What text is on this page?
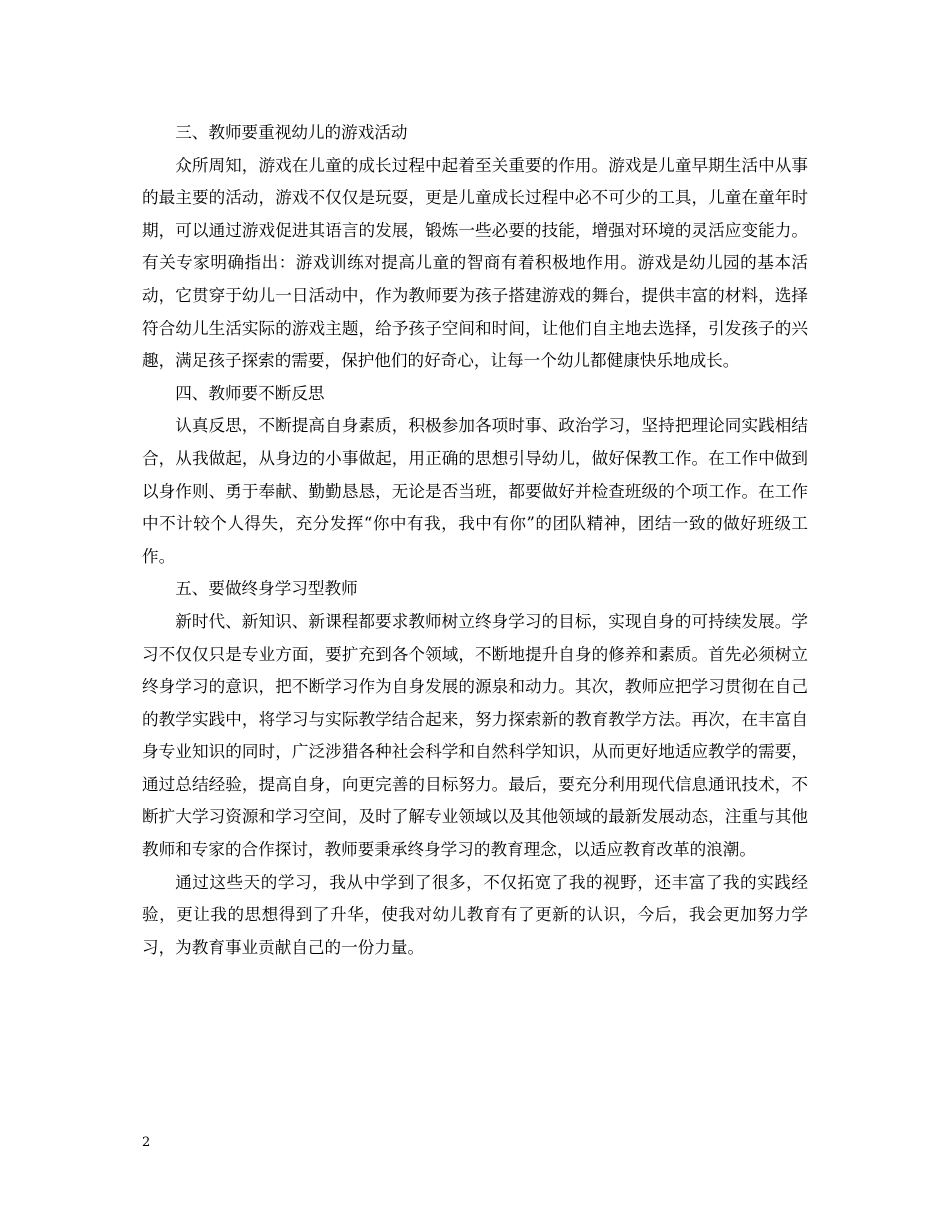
三、教师要重视幼儿的游戏活动

众所周知，游戏在儿童的成长过程中起着至关重要的作用。游戏是儿童早期生活中从事的最主要的活动，游戏不仅仅是玩耍，更是儿童成长过程中必不可少的工具，儿童在童年时期，可以通过游戏促进其语言的发展，锻炼一些必要的技能，增强对环境的灵活应变能力。有关专家明确指出：游戏训练对提高儿童的智商有着积极地作用。游戏是幼儿园的基本活动，它贯穿于幼儿一日活动中，作为教师要为孩子搭建游戏的舞台，提供丰富的材料，选择符合幼儿生活实际的游戏主题，给予孩子空间和时间，让他们自主地去选择，引发孩子的兴趣，满足孩子探索的需要，保护他们的好奇心，让每一个幼儿都健康快乐地成长。

四、教师要不断反思

认真反思，不断提高自身素质，积极参加各项时事、政治学习，坚持把理论同实践相结合，从我做起，从身边的小事做起，用正确的思想引导幼儿，做好保教工作。在工作中做到以身作则、勇于奉献、勤勤恳恳，无论是否当班，都要做好并检查班级的个项工作。在工作中不计较个人得失，充分发挥“你中有我，我中有你”的团队精神，团结一致的做好班级工作。

五、要做终身学习型教师

新时代、新知识、新课程都要求教师树立终身学习的目标，实现自身的可持续发展。学习不仅仅只是专业方面，要扩充到各个领域，不断地提升自身的修养和素质。首先必须树立终身学习的意识，把不断学习作为自身发展的源泉和动力。其次，教师应把学习贯彻在自己的教学实践中，将学习与实际教学结合起来，努力探索新的教育教学方法。再次，在丰富自身专业知识的同时，广泛涉猎各种社会科学和自然科学知识，从而更好地适应教学的需要，通过总结经验，提高自身，向更完善的目标努力。最后，要充分利用现代信息通讯技术，不断扩大学习资源和学习空间，及时了解专业领域以及其他领域的最新发展动态，注重与其他教师和专家的合作探讨，教师要秉承终身学习的教育理念，以适应教育改革的浪潮。

通过这些天的学习，我从中学到了很多，不仅拓宽了我的视野，还丰富了我的实践经验，更让我的思想得到了升华，使我对幼儿教育有了更新的认识，今后，我会更加努力学习，为教育事业贡献自己的一份力量。

2
